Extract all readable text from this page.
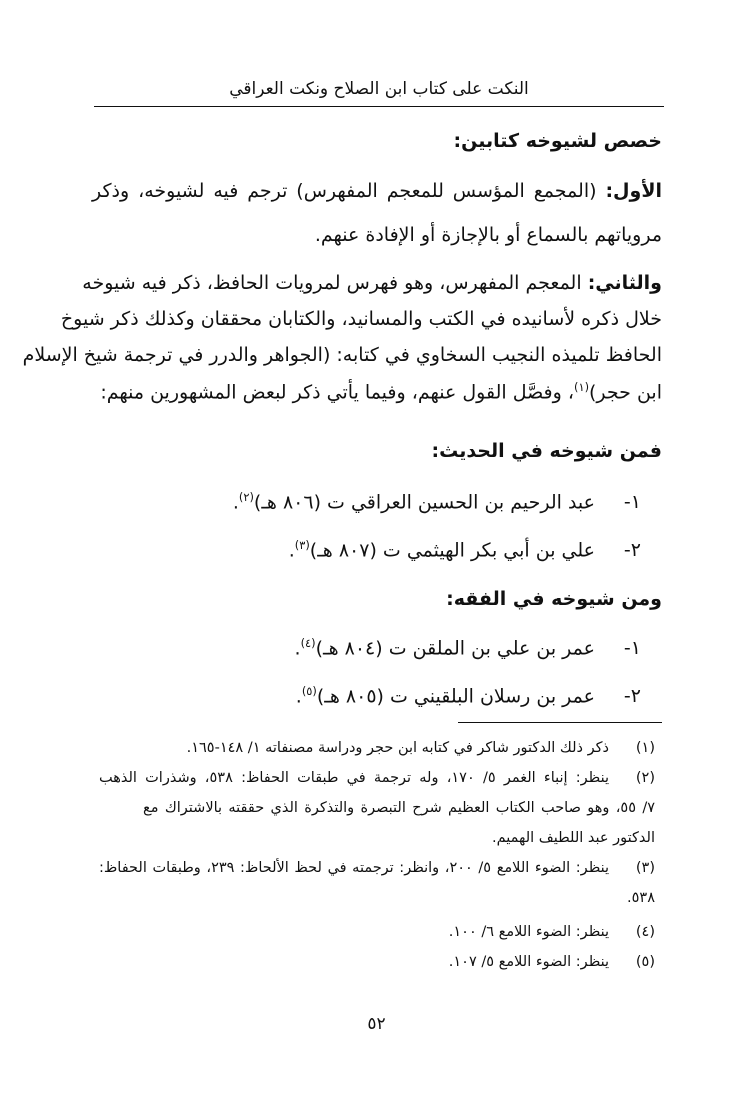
النكت على كتاب ابن الصلاح ونكت العراقي
خصص لشيوخه كتابين:
الأول: (المجمع المؤسس للمعجم المفهرس) ترجم فيه لشيوخه، وذكر
مروياتهم بالسماع أو بالإجازة أو الإفادة عنهم.
والثاني: المعجم المفهرس، وهو فهرس لمرويات الحافظ، ذكر فيه شيوخه
خلال ذكره لأسانيده في الكتب والمسانيد، والكتابان محققان وكذلك ذكر شيوخ
الحافظ تلميذه النجيب السخاوي في كتابه: (الجواهر والدرر في ترجمة شيخ الإسلام
ابن حجر)$^{(١)}$، وفصَّل القول عنهم، وفيما يأتي ذكر لبعض المشهورين منهم:
فمن شيوخه في الحديث:
١-عبد الرحيم بن الحسين العراقي ت (٨٠٦ هـ)$^{(٢)}$.
٢-علي بن أبي بكر الهيثمي ت (٨٠٧ هـ)$^{(٣)}$.
ومن شيوخه في الفقه:
١-عمر بن علي بن الملقن ت (٨٠٤ هـ)$^{(٤)}$.
٢-عمر بن رسلان البلقيني ت (٨٠٥ هـ)$^{(٥)}$.
(١)ذكر ذلك الدكتور شاكر في كتابه ابن حجر ودراسة مصنفاته ١/ ١٤٨-١٦٥.
(٢)ينظر: إنباء الغمر ٥/ ١٧٠، وله ترجمة في طبقات الحفاظ: ٥٣٨، وشذرات الذهب
٧/ ٥٥، وهو صاحب الكتاب العظيم شرح التبصرة والتذكرة الذي حققته بالاشتراك مع
الدكتور عبد اللطيف الهميم.
(٣)ينظر: الضوء اللامع ٥/ ٢٠٠، وانظر: ترجمته في لحظ الألحاظ: ٢٣٩، وطبقات الحفاظ:
٥٣٨.
(٤)ينظر: الضوء اللامع ٦/ ١٠٠.
(٥)ينظر: الضوء اللامع ٥/ ١٠٧.
٥٢
